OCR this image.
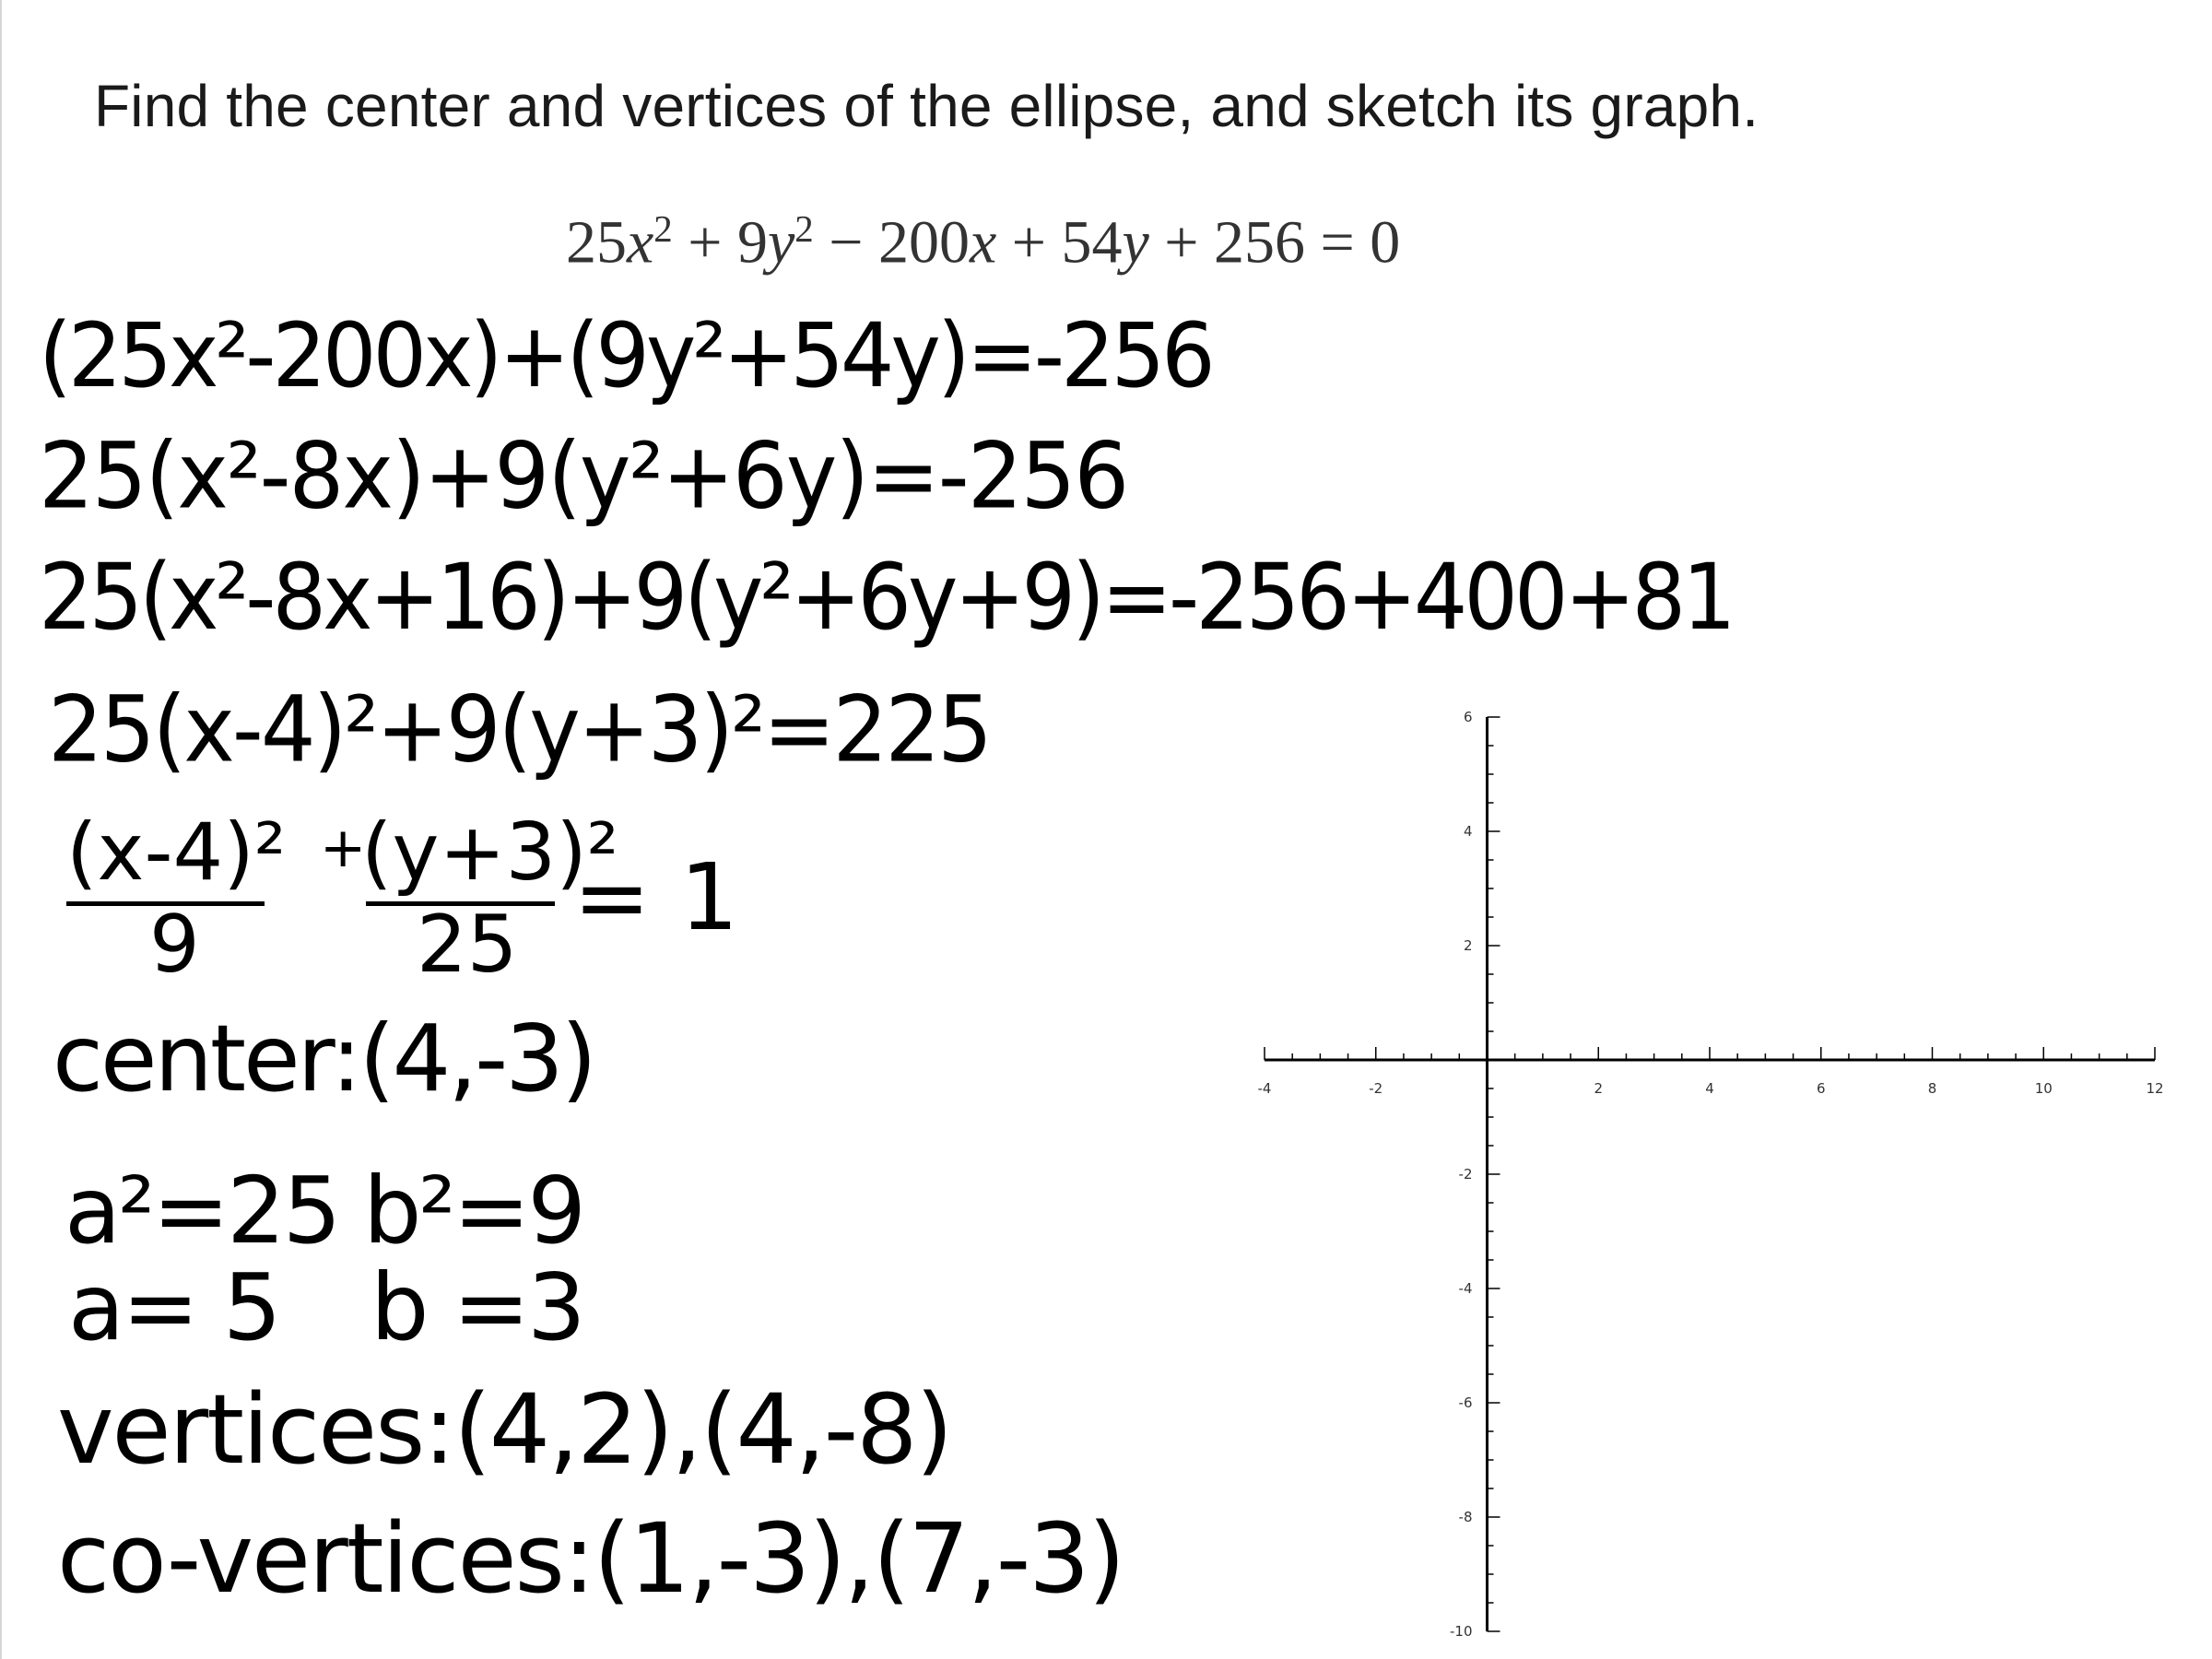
Find the center and vertices of the ellipse, and sketch its graph.
$25x^2 + 9y^2 - 200x + 54y + 256 = 0$
(25x²-200x)+(9y²+54y)=-256
25(x²-8x)+9(y²+6y)=-256
25(x²-8x+16)+9(y²+6y+9)=-256+400+81
25(x-4)²+9(y+3)²=225
(x-4)²
9
+
(y+3)²
25 = 1
center:(4,-3)
a²=25 b²=9
a= 5 b =3
vertices:(4,2),(4,-8)
co-vertices:(1,-3),(7,-3)
-4	-2	2	4	6	8	10	12
6
4
2
-2
-4
-6
-8
-10
